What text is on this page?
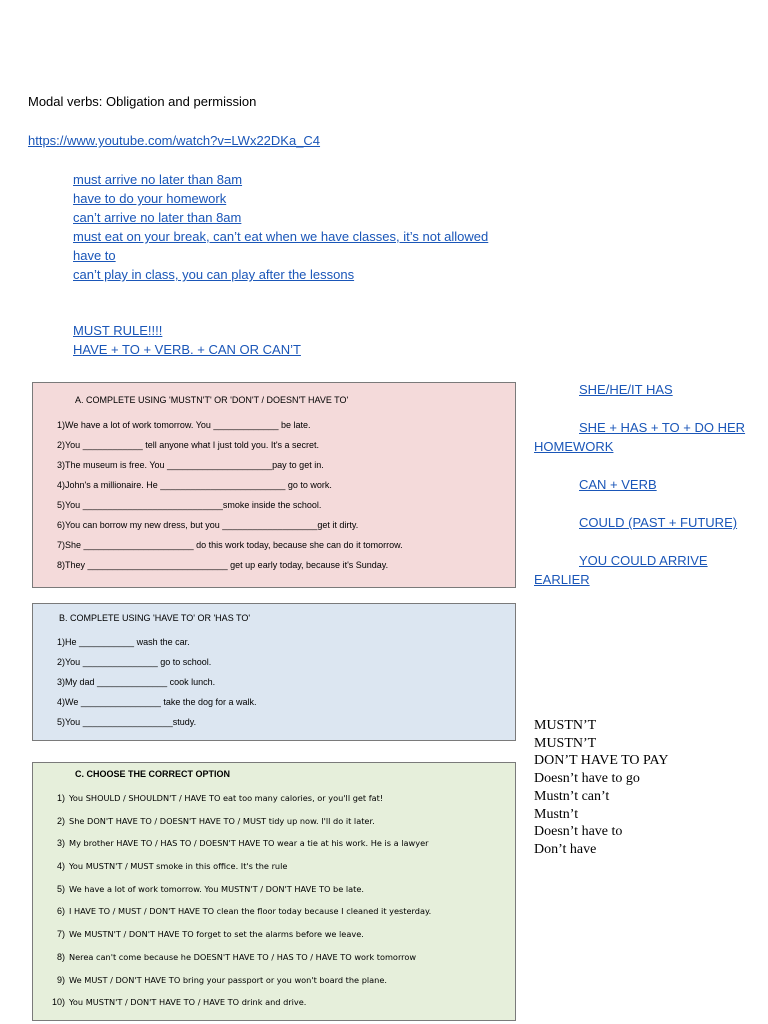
Modal verbs: Obligation and permission
https://www.youtube.com/watch?v=LWx22DKa_C4
must arrive no later than 8am
have to do your homework
can’t arrive no later than 8am
must eat on your break, can’t eat when we have classes, it’s not allowed
have to
can’t play in class, you can play after the lessons
MUST RULE!!!!
HAVE + TO + VERB. + CAN OR CAN’T
A. COMPLETE USING 'MUSTN'T' OR 'DON'T / DOESN'T HAVE TO'
1) We have a lot of work tomorrow. You _____________ be late.
2) You ____________ tell anyone what I just told you. It's a secret.
3) The museum is free. You _____________________pay to get in.
4) John's a millionaire. He _________________________ go to work.
5) You ____________________________smoke inside the school.
6) You can borrow my new dress, but you ___________________get it dirty.
7) She ______________________ do this work today, because she can do it tomorrow.
8) They ____________________________ get up early today, because it's Sunday.
B. COMPLETE USING 'HAVE TO' OR 'HAS TO'
1) He ___________ wash the car.
2) You _______________ go to school.
3) My dad ______________ cook lunch.
4) We ________________ take the dog for a walk.
5) You __________________study.
C. CHOOSE THE CORRECT OPTION
1) You SHOULD / SHOULDN'T / HAVE TO eat too many calories, or you'll get fat!
2) She DON'T HAVE TO / DOESN'T HAVE TO / MUST tidy up now. I'll do it later.
3) My brother HAVE TO / HAS TO / DOESN'T HAVE TO wear a tie at his work. He is a lawyer
4) You MUSTN'T / MUST smoke in this office. It's the rule
5) We have a lot of work tomorrow. You MUSTN'T / DON'T HAVE TO be late.
6) I HAVE TO / MUST / DON'T HAVE TO clean the floor today because I cleaned it yesterday.
7) We MUSTN'T / DON'T HAVE TO forget to set the alarms before we leave.
8) Nerea can't come because he DOESN'T HAVE TO / HAS TO / HAVE TO work tomorrow
9) We MUST / DON'T HAVE TO bring your passport or you won't board the plane.
10) You MUSTN'T / DON'T HAVE TO / HAVE TO drink and drive.
SHE/HE/IT HAS
SHE + HAS + TO + DO HER HOMEWORK
CAN + VERB
COULD (PAST + FUTURE)
YOU COULD ARRIVE EARLIER
MUSTN’T
MUSTN’T
DON’T HAVE TO PAY
Doesn’t have to go
Mustn’t can’t
Mustn’t
Doesn’t have to
Don’t have
